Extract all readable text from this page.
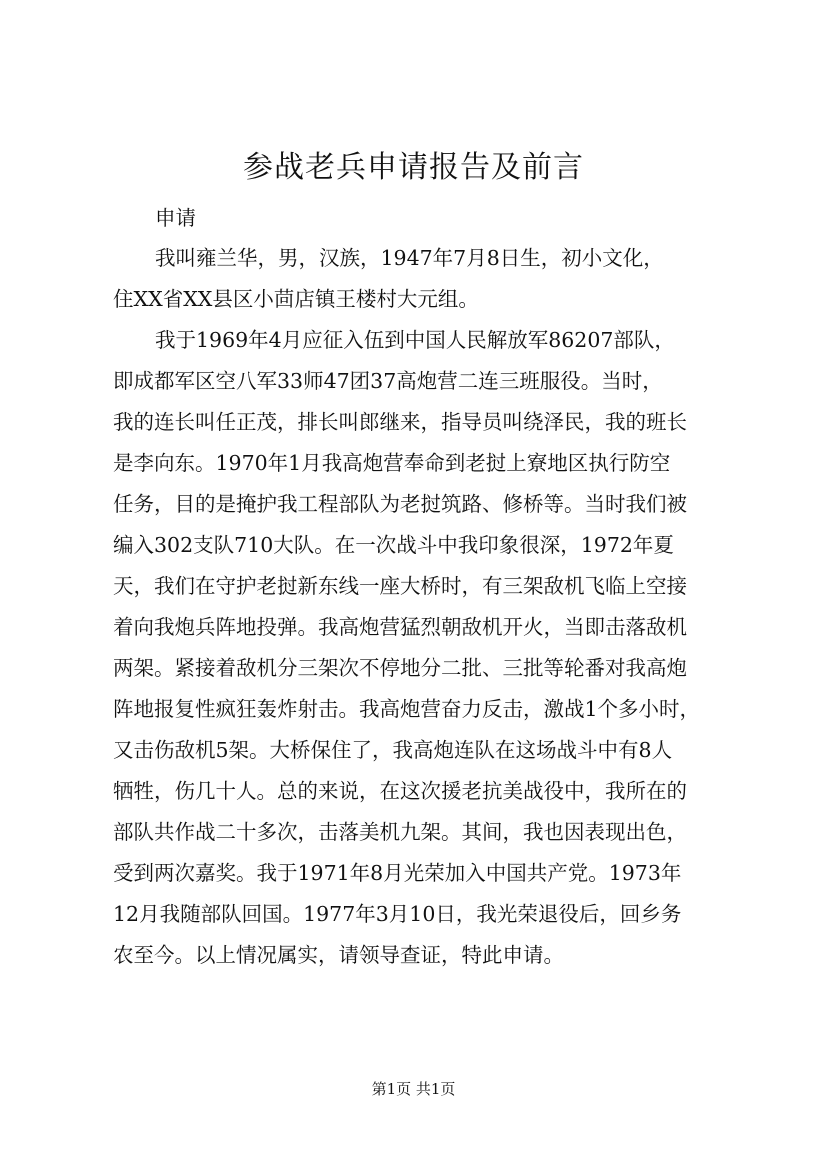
参战老兵申请报告及前言
申请
我叫雍兰华，男，汉族，1947年7月8日生，初小文化，
住XX省XX县区小茴店镇王楼村大元组。
我于1969年4月应征入伍到中国人民解放军86207部队，
即成都军区空八军33师47团37高炮营二连三班服役。当时，
我的连长叫任正茂，排长叫郎继来，指导员叫绕泽民，我的班长
是李向东。1970年1月我高炮营奉命到老挝上寮地区执行防空
任务，目的是掩护我工程部队为老挝筑路、修桥等。当时我们被
编入302支队710大队。在一次战斗中我印象很深，1972年夏
天，我们在守护老挝新东线一座大桥时，有三架敌机飞临上空接
着向我炮兵阵地投弹。我高炮营猛烈朝敌机开火，当即击落敌机
两架。紧接着敌机分三架次不停地分二批、三批等轮番对我高炮
阵地报复性疯狂轰炸射击。我高炮营奋力反击，激战1个多小时，
又击伤敌机5架。大桥保住了，我高炮连队在这场战斗中有8人
牺牲，伤几十人。总的来说，在这次援老抗美战役中，我所在的
部队共作战二十多次，击落美机九架。其间，我也因表现出色，
受到两次嘉奖。我于1971年8月光荣加入中国共产党。1973年
12月我随部队回国。1977年3月10日，我光荣退役后，回乡务
农至今。以上情况属实，请领导查证，特此申请。
第1页 共1页
